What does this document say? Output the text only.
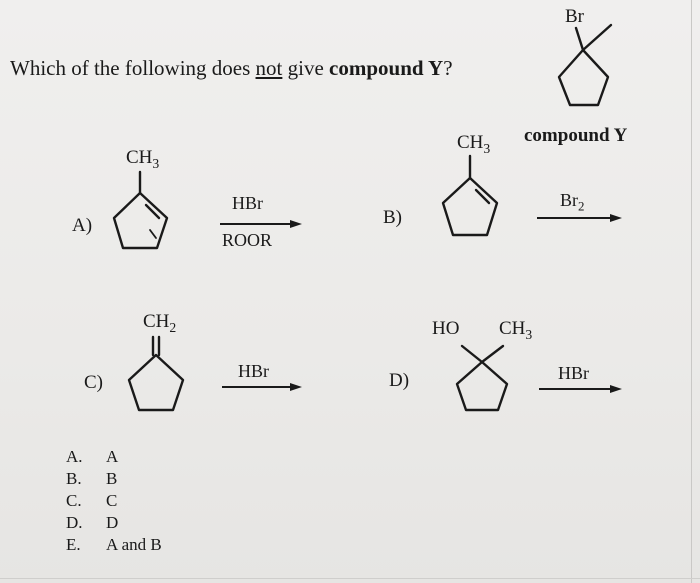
Which of the following does not give compound Y?
Br
compound Y
A)
$CH_3$
HBr
ROOR
B)
$CH_3$
$Br_2$
C)
$CH_2$
HBr	D)
HO $CH_3$
HBr
A.	A
B.	B
C.	C
D.	D
E.	A and B
